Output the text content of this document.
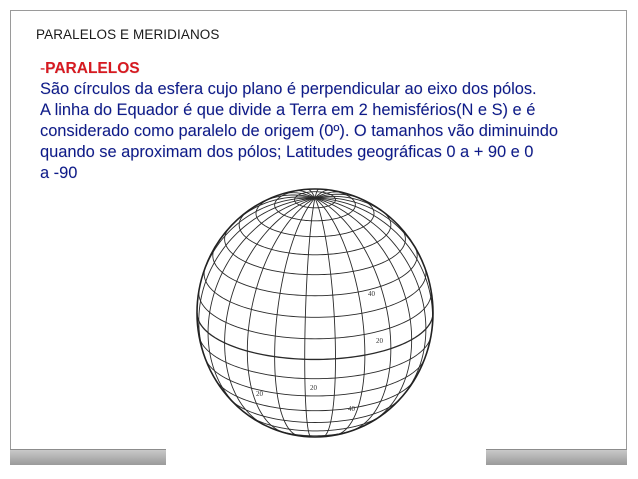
PARALELOS E MERIDIANOS
-PARALELOS
São círculos da esfera cujo plano é perpendicular ao eixo dos pólos.
A linha do Equador é que divide a Terra em 2 hemisférios(N e S) e é
considerado como paralelo de origem (0º). O tamanhos vão diminuindo
quando se aproximam dos pólos; Latitudes geográficas 0 a + 90 e 0
a -90
40
20
20
20
40
